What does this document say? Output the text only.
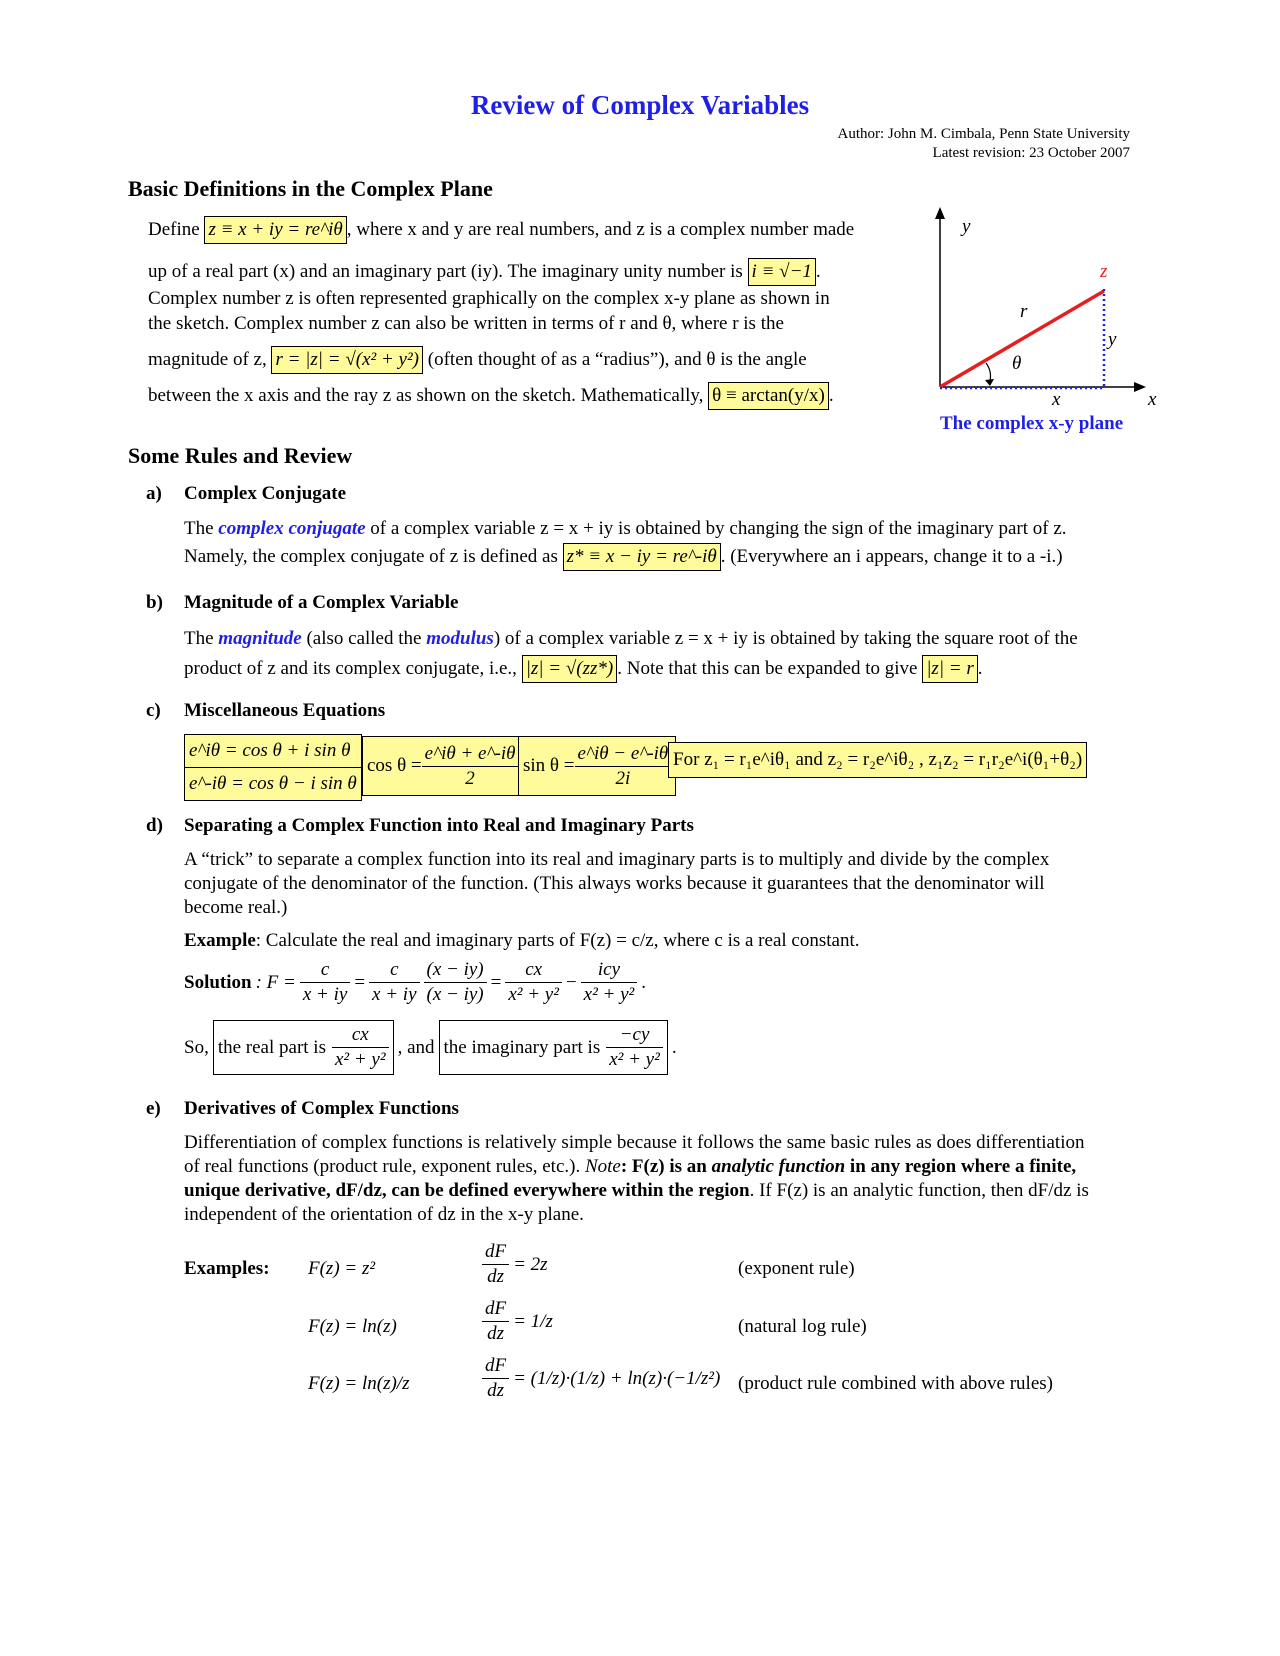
Review of Complex Variables
Author: John M. Cimbala, Penn State University
Latest revision: 23 October 2007
Basic Definitions in the Complex Plane

Define z ≡ x + iy = re^iθ , where x and y are real numbers, and z is a complex number made

up of a real part (x) and an imaginary part (iy). The imaginary unity number is i ≡ √−1 .

Complex number z is often represented graphically on the complex x-y plane as shown in

the sketch. Complex number z can also be written in terms of r and θ, where r is the

magnitude of z, r = |z| = √(x² + y²) (often thought of as a “radius”), and θ is the angle

between the x axis and the ray z as shown on the sketch. Mathematically, θ ≡ arctan(y/x) .

y
x
z
r
θ
x
y
The complex x-y plane
Some Rules and Review
a) Complex Conjugate

The complex conjugate of a complex variable z = x + iy is obtained by changing the sign of the imaginary part of z.

Namely, the complex conjugate of z is defined as z* ≡ x − iy = re^-iθ . (Everywhere an i appears, change it to a -i.)

b) Magnitude of a Complex Variable

The magnitude (also called the modulus) of a complex variable z = x + iy is obtained by taking the square root of the

product of z and its complex conjugate, i.e., |z| = √(zz*) . Note that this can be expanded to give |z| = r .

c) Miscellaneous Equations
e^iθ = cos θ + i sin θ
e^-iθ = cos θ − i sin θ
$\cos \theta = \frac{e\^{}i\theta + e\^{}-i\theta}{2}$ $\sin \theta = \frac{e\^{}i\theta - e\^{}-i\theta}{2i}$ For z₁ = r₁e^iθ₁ and z₂ = r₂e^iθ₂ , z₁z₂ = r₁r₂e^i(θ₁+θ₂)
d) Separating a Complex Function into Real and Imaginary Parts

A “trick” to separate a complex function into its real and imaginary parts is to multiply and divide by the complex

conjugate of the denominator of the function. (This always works because it guarantees that the denominator will

become real.)

Example: Calculate the real and imaginary parts of F(z) = c/z, where c is a real constant.
Solution : $F = \frac{c}{x + iy} = \frac{c}{x + iy} \frac{(x - iy)}{(x - iy)} = \frac{cx}{\text{x² + y²}} - \frac{\text{icy}}{\text{x² + y²}}$ .
So, the real part is $\frac{cx}{\text{x² + y²}}$ , and the imaginary part is $\frac{-cy}{\text{x² + y²}}$ .
e) Derivatives of Complex Functions

Differentiation of complex functions is relatively simple because it follows the same basic rules as does differentiation

of real functions (product rule, exponent rules, etc.). Note: F(z) is an analytic function in any region where a finite,

unique derivative, dF/dz, can be defined everywhere within the region. If F(z) is an analytic function, then dF/dz is

independent of the orientation of dz in the x-y plane.

Examples: F(z) = z²	$\frac{dF}{dz} = 2z$	(exponent rule)
F(z) = ln(z)	$\frac{dF}{dz} = 1/z$	(natural log rule)
F(z) = ln(z)/z	$\frac{dF}{dz} = (1/z)\cdot(1/z) + \ln(z)\cdot(-1/z^2)$ (product rule combined with above rules)
